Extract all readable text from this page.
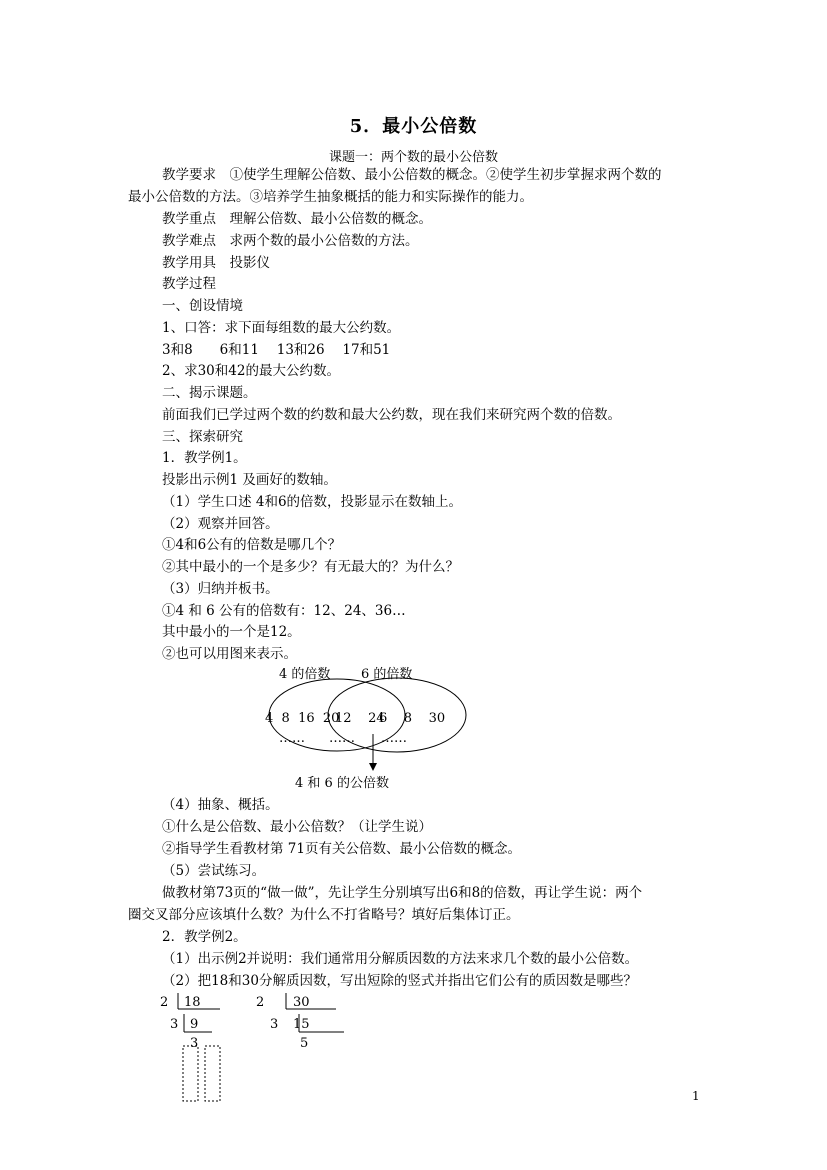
5．最小公倍数
课题一：两个数的最小公倍数
教学要求　①使学生理解公倍数、最小公倍数的概念。②使学生初步掌握求两个数的
最小公倍数的方法。③培养学生抽象概括的能力和实际操作的能力。
教学重点　理解公倍数、最小公倍数的概念。
教学难点　求两个数的最小公倍数的方法。
教学用具　投影仪
教学过程
一、创设情境
1、口答：求下面每组数的最大公约数。
3和8　　6和11　 13和26　 17和51
2、求30和42的最大公约数。
二、揭示课题。
前面我们已学过两个数的约数和最大公约数，现在我们来研究两个数的倍数。
三、探索研究
1．教学例1。
投影出示例1 及画好的数轴。
（1）学生口述 4和6的倍数，投影显示在数轴上。
（2）观察并回答。
①4和6公有的倍数是哪几个？
②其中最小的一个是多少？有无最大的？为什么？
（3）归纳并板书。
①4 和 6 公有的倍数有：12、24、36…
其中最小的一个是12。
②也可以用图来表示。
4 的倍数 6 的倍数
4  8  16  20
12    24
6    8    30
…… …… ……
4 和 6 的公倍数
（4）抽象、概括。
①什么是公倍数、最小公倍数？（让学生说）
②指导学生看教材第 71页有关公倍数、最小公倍数的概念。
（5）尝试练习。
做教材第73页的“做一做”，先让学生分别填写出6和8的倍数，再让学生说：两个
圈交叉部分应该填什么数？为什么不打省略号？填好后集体订正。
2．教学例2。
（1）出示例2并说明：我们通常用分解质因数的方法来求几个数的最小公倍数。
（2）把18和30分解质因数，写出短除的竖式并指出它们公有的质因数是哪些？
2 18
3 9
3
2 30
3 15
5
1
